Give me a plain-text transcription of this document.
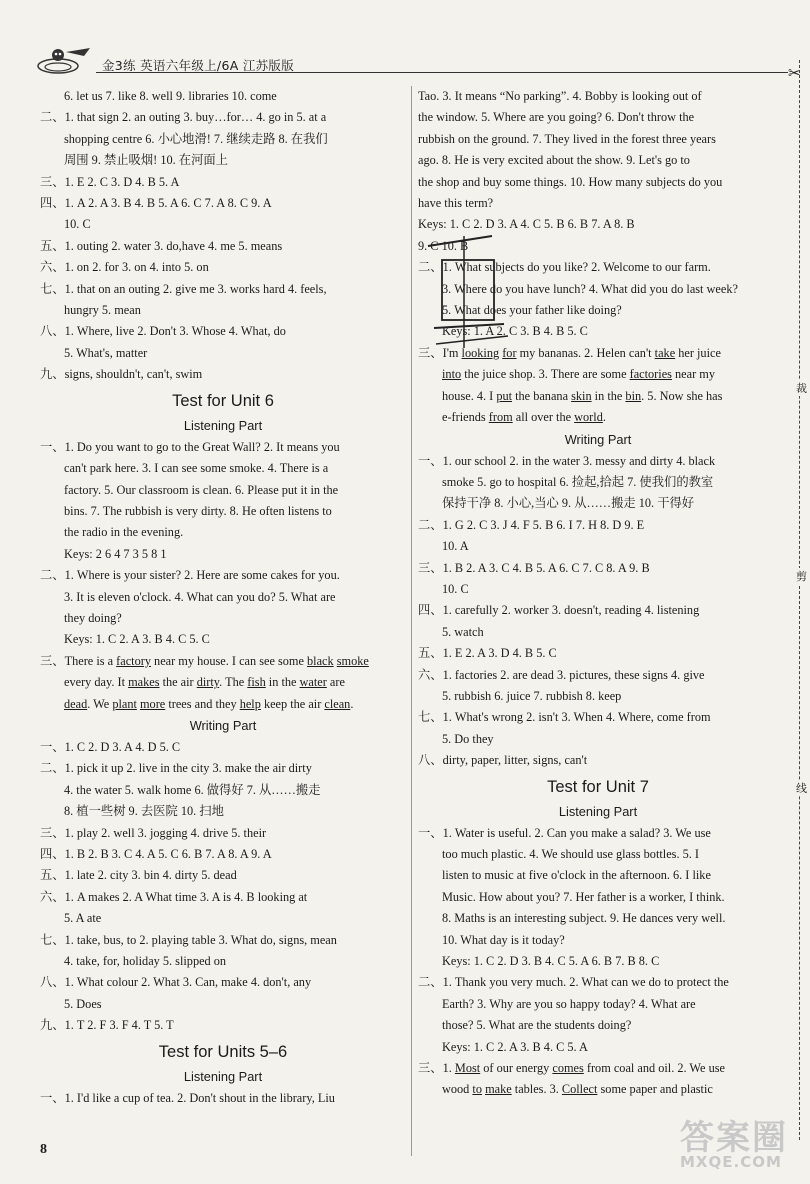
金3练 英语六年级上/6A 江苏版版
6. let us 7. like 8. well 9. libraries 10. come
二、1. that sign 2. an outing 3. buy…for… 4. go in 5. at a
shopping centre 6. 小心地滑! 7. 继续走路 8. 在我们
周围 9. 禁止吸烟! 10. 在河面上
三、1. E 2. C 3. D 4. B 5. A
四、1. A 2. A 3. B 4. B 5. A 6. C 7. A 8. C 9. A
10. C
五、1. outing 2. water 3. do,have 4. me 5. means
六、1. on 2. for 3. on 4. into 5. on
七、1. that on an outing 2. give me 3. works hard 4. feels,
hungry 5. mean
八、1. Where, live 2. Don't 3. Whose 4. What, do
5. What's, matter
九、signs, shouldn't, can't, swim
Test for Unit 6
Listening Part
一、1. Do you want to go to the Great Wall? 2. It means you
can't park here. 3. I can see some smoke. 4. There is a
factory. 5. Our classroom is clean. 6. Please put it in the
bins. 7. The rubbish is very dirty. 8. He often listens to
the radio in the evening.
Keys: 2 6 4 7 3 5 8 1
二、1. Where is your sister? 2. Here are some cakes for you.
3. It is eleven o'clock. 4. What can you do? 5. What are
they doing?
Keys: 1. C 2. A 3. B 4. C 5. C
三、There is a factory near my house. I can see some black smoke
every day. It makes the air dirty. The fish in the water are
dead. We plant more trees and they help keep the air clean.
Writing Part
一、1. C 2. D 3. A 4. D 5. C
二、1. pick it up 2. live in the city 3. make the air dirty
4. the water 5. walk home 6. 做得好 7. 从……搬走
8. 植一些树 9. 去医院 10. 扫地
三、1. play 2. well 3. jogging 4. drive 5. their
四、1. B 2. B 3. C 4. A 5. C 6. B 7. A 8. A 9. A
五、1. late 2. city 3. bin 4. dirty 5. dead
六、1. A makes 2. A What time 3. A is 4. B looking at
5. A ate
七、1. take, bus, to 2. playing table 3. What do, signs, mean
4. take, for, holiday 5. slipped on
八、1. What colour 2. What 3. Can, make 4. don't, any
5. Does
九、1. T 2. F 3. F 4. T 5. T
Test for Units 5–6
Listening Part
一、1. I'd like a cup of tea. 2. Don't shout in the library, Liu
Tao. 3. It means “No parking”. 4. Bobby is looking out of
the window. 5. Where are you going? 6. Don't throw the
rubbish on the ground. 7. They lived in the forest three years
ago. 8. He is very excited about the show. 9. Let's go to
the shop and buy some things. 10. How many subjects do you
have this term?
Keys: 1. C 2. D 3. A 4. C 5. B 6. B 7. A 8. B
9. C 10. B
二、1. What subjects do you like? 2. Welcome to our farm.
3. Where do you have lunch? 4. What did you do last week?
5. What does your father like doing?
Keys: 1. A 2. C 3. B 4. B 5. C
三、I'm looking for my bananas. 2. Helen can't take her juice
into the juice shop. 3. There are some factories near my
house. 4. I put the banana skin in the bin. 5. Now she has
e-friends from all over the world.
Writing Part
一、1. our school 2. in the water 3. messy and dirty 4. black
smoke 5. go to hospital 6. 捡起,拾起 7. 使我们的教室
保持干净 8. 小心,当心 9. 从……搬走 10. 干得好
二、1. G 2. C 3. J 4. F 5. B 6. I 7. H 8. D 9. E
10. A
三、1. B 2. A 3. C 4. B 5. A 6. C 7. C 8. A 9. B
10. C
四、1. carefully 2. worker 3. doesn't, reading 4. listening
5. watch
五、1. E 2. A 3. D 4. B 5. C
六、1. factories 2. are dead 3. pictures, these signs 4. give
5. rubbish 6. juice 7. rubbish 8. keep
七、1. What's wrong 2. isn't 3. When 4. Where, come from
5. Do they
八、dirty, paper, litter, signs, can't
Test for Unit 7
Listening Part
一、1. Water is useful. 2. Can you make a salad? 3. We use
too much plastic. 4. We should use glass bottles. 5. I
listen to music at five o'clock in the afternoon. 6. I like
Music. How about you? 7. Her father is a worker, I think.
8. Maths is an interesting subject. 9. He dances very well.
10. What day is it today?
Keys: 1. C 2. D 3. B 4. C 5. A 6. B 7. B 8. C
二、1. Thank you very much. 2. What can we do to protect the
Earth? 3. Why are you so happy today? 4. What are
those? 5. What are the students doing?
Keys: 1. C 2. A 3. B 4. C 5. A
三、1. Most of our energy comes from coal and oil. 2. We use
wood to make tables. 3. Collect some paper and plastic
8
✂
裁
剪
线
答案圈
MXQE.COM
